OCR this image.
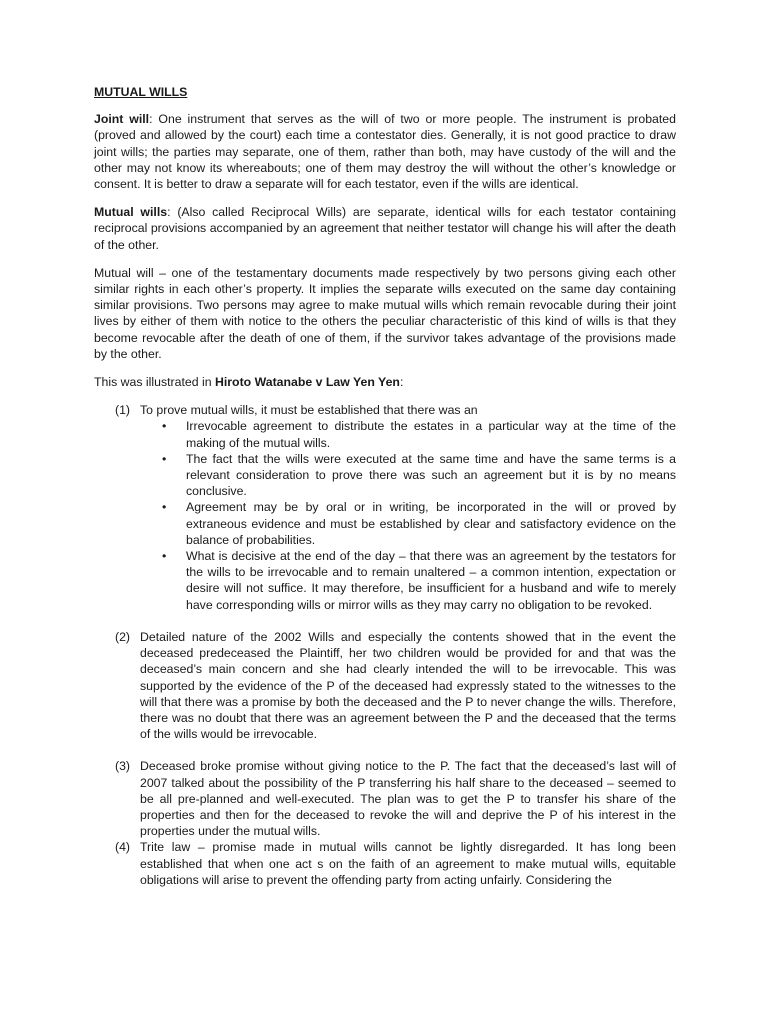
MUTUAL WILLS

Joint will: One instrument that serves as the will of two or more people. The instrument is probated (proved and allowed by the court) each time a contestator dies. Generally, it is not good practice to draw joint wills; the parties may separate, one of them, rather than both, may have custody of the will and the other may not know its whereabouts; one of them may destroy the will without the other’s knowledge or consent. It is better to draw a separate will for each testator, even if the wills are identical.

Mutual wills: (Also called Reciprocal Wills) are separate, identical wills for each testator containing reciprocal provisions accompanied by an agreement that neither testator will change his will after the death of the other.

Mutual will – one of the testamentary documents made respectively by two persons giving each other similar rights in each other’s property. It implies the separate wills executed on the same day containing similar provisions. Two persons may agree to make mutual wills which remain revocable during their joint lives by either of them with notice to the others the peculiar characteristic of this kind of wills is that they become revocable after the death of one of them, if the survivor takes advantage of the provisions made by the other.

This was illustrated in Hiroto Watanabe v Law Yen Yen:

(1) To prove mutual wills, it must be established that there was an
• Irrevocable agreement to distribute the estates in a particular way at the time of the making of the mutual wills.
• The fact that the wills were executed at the same time and have the same terms is a relevant consideration to prove there was such an agreement but it is by no means conclusive.
• Agreement may be by oral or in writing, be incorporated in the will or proved by extraneous evidence and must be established by clear and satisfactory evidence on the balance of probabilities.
• What is decisive at the end of the day – that there was an agreement by the testators for the wills to be irrevocable and to remain unaltered – a common intention, expectation or desire will not suffice. It may therefore, be insufficient for a husband and wife to merely have corresponding wills or mirror wills as they may carry no obligation to be revoked.
(2) Detailed nature of the 2002 Wills and especially the contents showed that in the event the deceased predeceased the Plaintiff, her two children would be provided for and that was the deceased’s main concern and she had clearly intended the will to be irrevocable. This was supported by the evidence of the P of the deceased had expressly stated to the witnesses to the will that there was a promise by both the deceased and the P to never change the wills. Therefore, there was no doubt that there was an agreement between the P and the deceased that the terms of the wills would be irrevocable.
(3) Deceased broke promise without giving notice to the P. The fact that the deceased’s last will of 2007 talked about the possibility of the P transferring his half share to the deceased – seemed to be all pre-planned and well-executed. The plan was to get the P to transfer his share of the properties and then for the deceased to revoke the will and deprive the P of his interest in the properties under the mutual wills.
(4) Trite law – promise made in mutual wills cannot be lightly disregarded. It has long been established that when one act s on the faith of an agreement to make mutual wills, equitable obligations will arise to prevent the offending party from acting unfairly. Considering the
